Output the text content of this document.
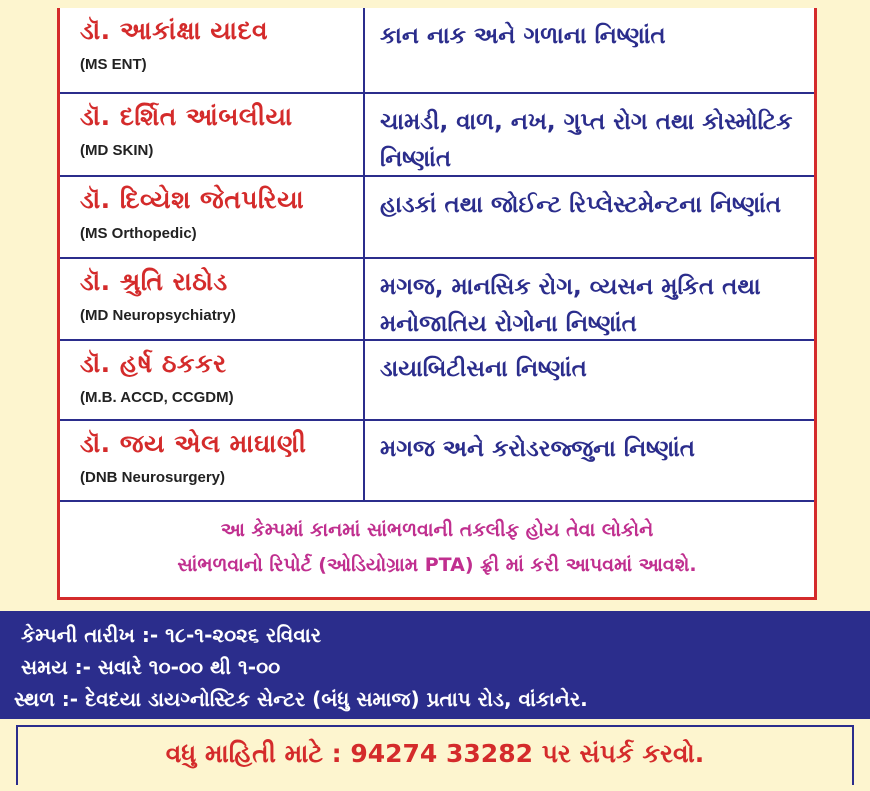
ડૉ. આકાંક્ષા યાદવ
(MS ENT)
કાન નાક અને ગળાના નિષ્ણાંત
ડૉ. દર્શિત આંબલીયા
(MD SKIN)
ચામડી, વાળ, નખ, ગુપ્ત રોગ તથા કોસ્મોટિક નિષ્ણાંત
ડૉ. દિવ્યેશ જેતપરિયા
(MS Orthopedic)
હાડકાં તથા જોઈન્ટ રિપ્લેસ્ટમેન્ટના નિષ્ણાંત
ડૉ. શ્રુતિ રાઠોડ
(MD Neuropsychiatry)
મગજ, માનસિક રોગ, વ્યસન મુકિત તથા મનોજાતિય રોગોના નિષ્ણાંત
ડૉ. હર્ષ ઠકકર
(M.B. ACCD, CCGDM)
ડાયાબિટીસના નિષ્ણાંત
ડૉ. જય એલ માઘાણી
(DNB Neurosurgery)
મગજ અને કરોડરજ્જુના નિષ્ણાંત
આ કેમ્પમાં કાનમાં સાંભળવાની તકલીફ હોય તેવા લોકોને
સાંભળવાનો રિપોર્ટ (ઓડિયોગ્રામ PTA) ફ્રી માં કરી આપવમાં આવશે.
કેમ્પની તારીખ :- ૧૮-૧-૨૦૨૬ રવિવાર
સમય :- સવારે ૧૦-૦૦ થી ૧-૦૦
સ્થળ :- દેવદયા ડાયગ્નોસ્ટિક સેન્ટર (બંધુ સમાજ) પ્રતાપ રોડ, વાંકાનેર.
વધુ માહિતી માટે : 94274 33282 પર સંપર્ક કરવો.
